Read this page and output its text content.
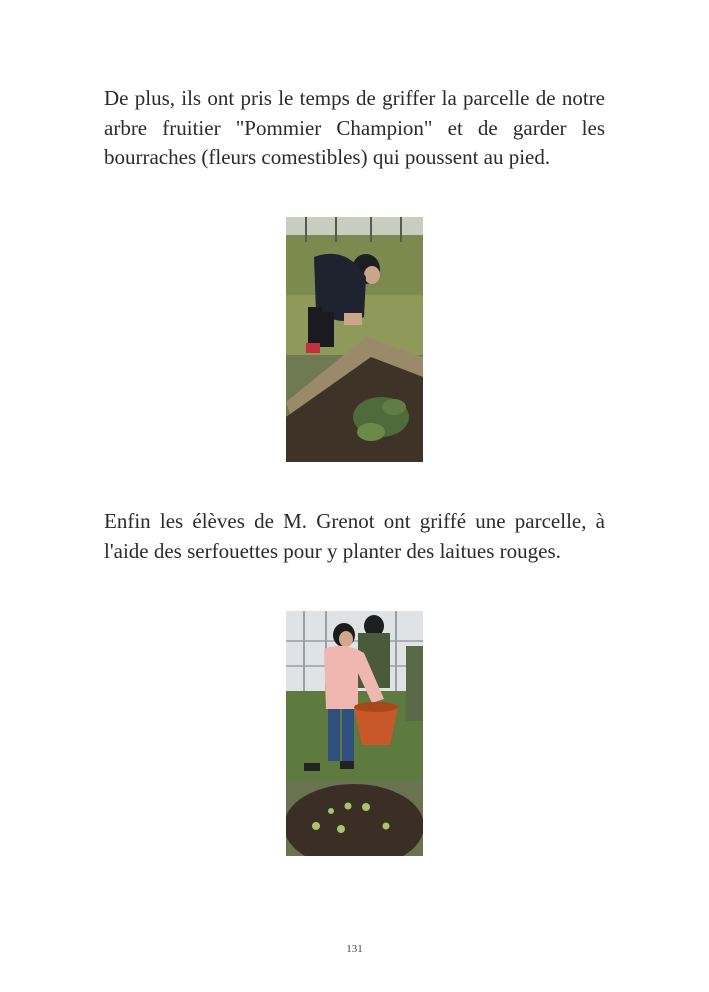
De plus, ils ont pris le temps de griffer la parcelle de notre arbre fruitier "Pommier Champion" et de garder les bourraches (fleurs comestibles) qui poussent au pied.

Enfin les élèves de M. Grenot ont griffé une parcelle, à l'aide des serfouettes pour y planter des laitues rouges.

131
